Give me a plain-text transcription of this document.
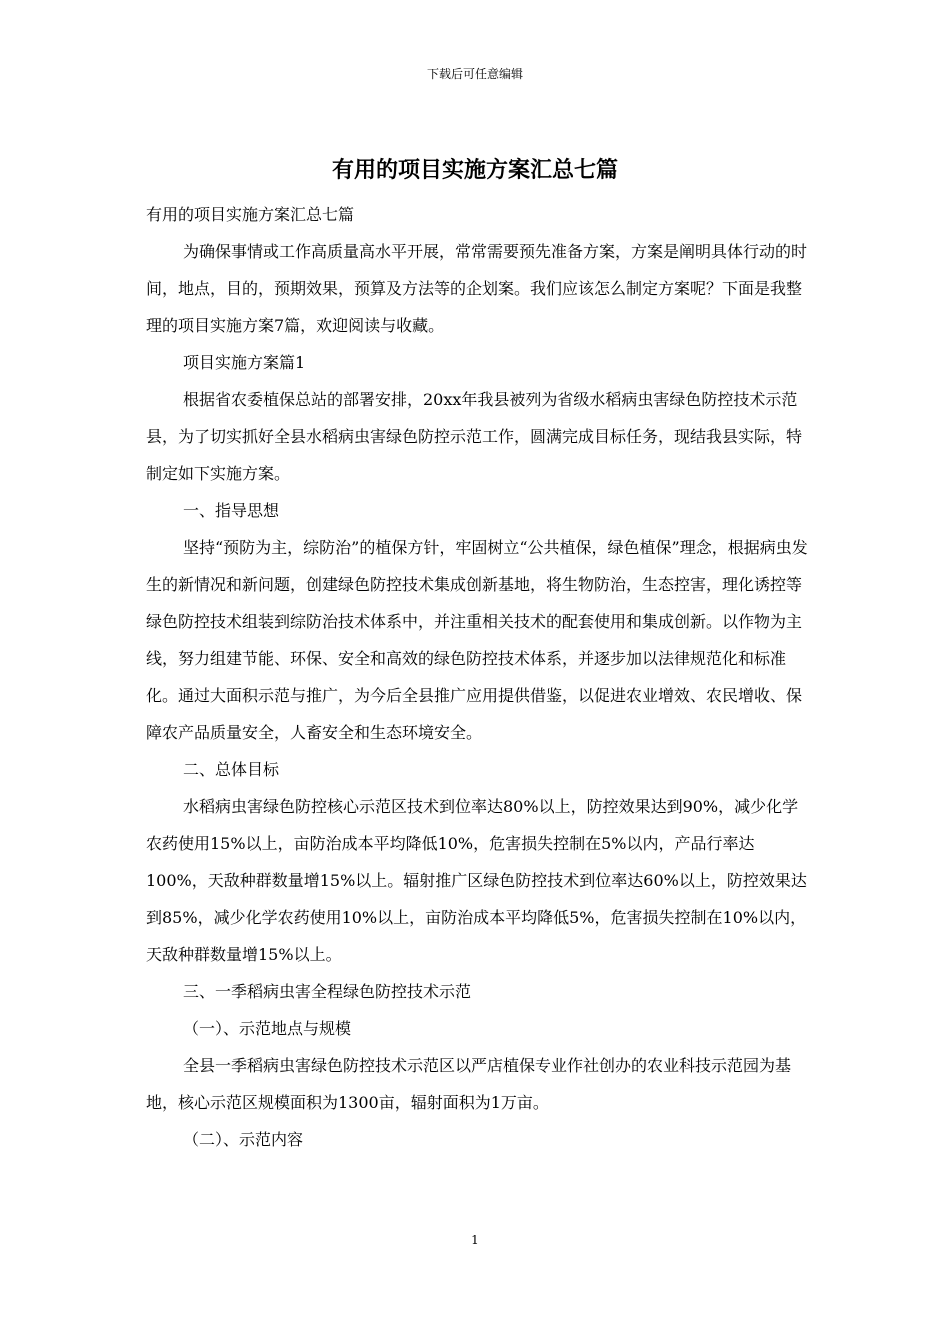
下载后可任意编辑
有用的项目实施方案汇总七篇

有用的项目实施方案汇总七篇

为确保事情或工作高质量高水平开展，常常需要预先准备方案，方案是阐明具体行动的时间，地点，目的，预期效果，预算及方法等的企划案。我们应该怎么制定方案呢？下面是我整理的项目实施方案7篇，欢迎阅读与收藏。

项目实施方案篇1

根据省农委植保总站的部署安排，20xx年我县被列为省级水稻病虫害绿色防控技术示范县，为了切实抓好全县水稻病虫害绿色防控示范工作，圆满完成目标任务，现结我县实际，特制定如下实施方案。

一、指导思想

坚持“预防为主，综防治”的植保方针，牢固树立“公共植保，绿色植保”理念，根据病虫发生的新情况和新问题，创建绿色防控技术集成创新基地，将生物防治，生态控害，理化诱控等绿色防控技术组装到综防治技术体系中，并注重相关技术的配套使用和集成创新。以作物为主线，努力组建节能、环保、安全和高效的绿色防控技术体系，并逐步加以法律规范化和标准化。通过大面积示范与推广，为今后全县推广应用提供借鉴，以促进农业增效、农民增收、保障农产品质量安全，人畜安全和生态环境安全。

二、总体目标

水稻病虫害绿色防控核心示范区技术到位率达80%以上，防控效果达到90%，减少化学农药使用15%以上，亩防治成本平均降低10%，危害损失控制在5%以内，产品行率达100%，天敌种群数量增15%以上。辐射推广区绿色防控技术到位率达60%以上，防控效果达到85%，减少化学农药使用10%以上，亩防治成本平均降低5%，危害损失控制在10%以内，天敌种群数量增15%以上。

三、一季稻病虫害全程绿色防控技术示范

（一）、示范地点与规模

全县一季稻病虫害绿色防控技术示范区以严店植保专业作社创办的农业科技示范园为基地，核心示范区规模面积为1300亩，辐射面积为1万亩。

（二）、示范内容

1
